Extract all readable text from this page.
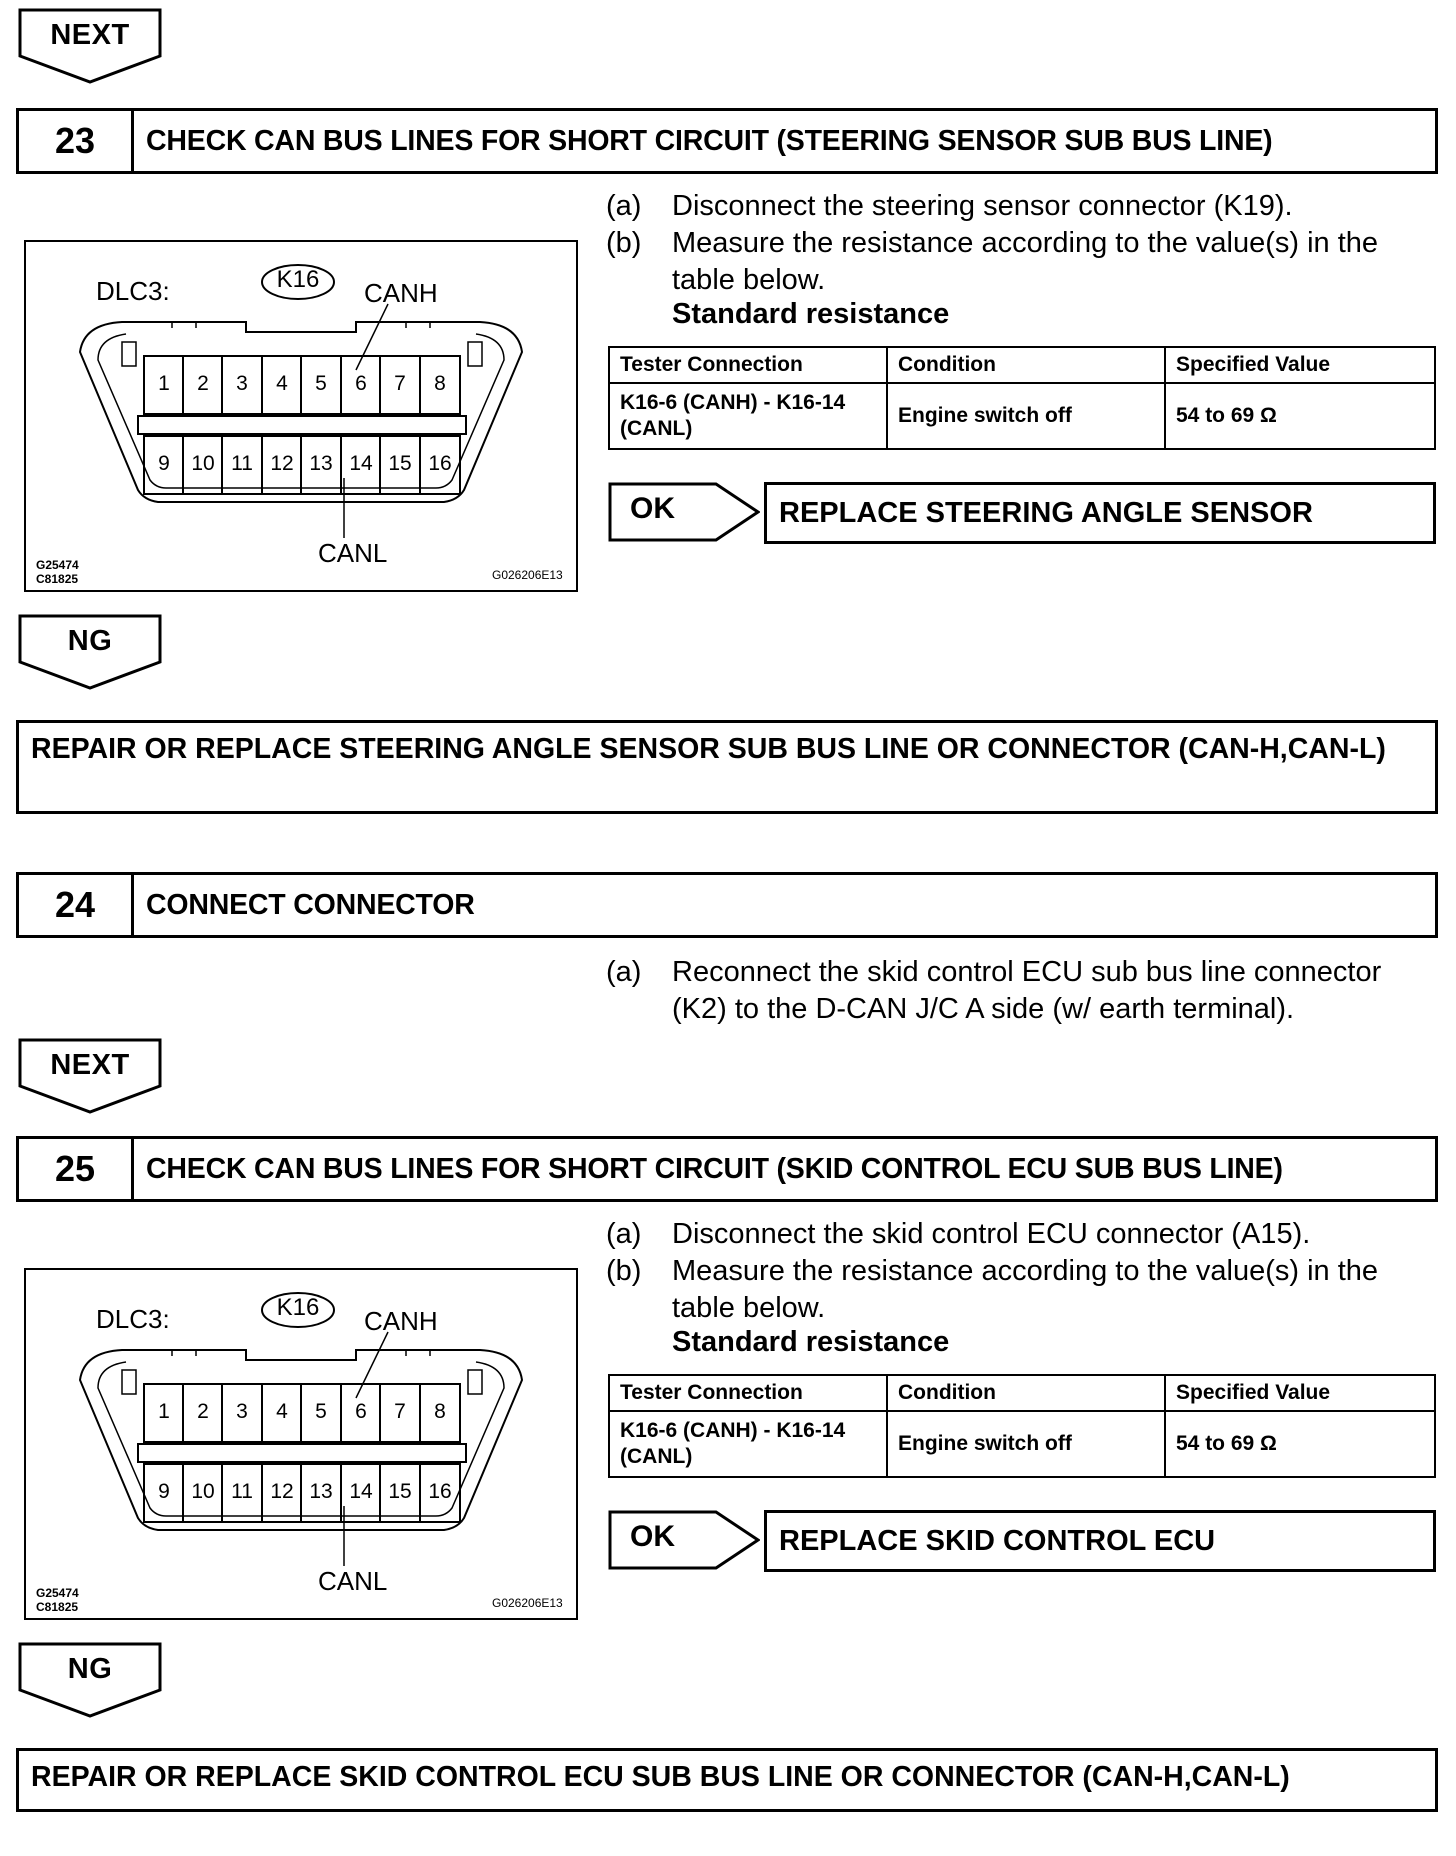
NEXT
23	CHECK CAN BUS LINES FOR SHORT CIRCUIT (STEERING SENSOR SUB BUS LINE)
DLC3:	K16 CANH
CANL
1	2	3	4	5	6	7	8
9	10 11 12 13 14 15 16
G25474
C81825	G026206E13
(a)	Disconnect the steering sensor connector (K19).
(b)	Measure the resistance according to the value(s) in the table below.
Standard resistance
Tester Connection	Condition	Specified Value
K16-6 (CANH) - K16-14 (CANL)	Engine switch off	54 to 69 Ω
OK	REPLACE STEERING ANGLE SENSOR
NG
REPAIR OR REPLACE STEERING ANGLE SENSOR SUB BUS LINE OR CONNECTOR (CAN-H,CAN-L)
24	CONNECT CONNECTOR
(a)	Reconnect the skid control ECU sub bus line connector (K2) to the D-CAN J/C A side (w/ earth terminal).
NEXT
25	CHECK CAN BUS LINES FOR SHORT CIRCUIT (SKID CONTROL ECU SUB BUS LINE)
DLC3:	K16 CANH
CANL
1	2	3	4	5	6	7	8
9	10 11 12 13 14 15 16
G25474
C81825	G026206E13
(a)	Disconnect the skid control ECU connector (A15).
(b)	Measure the resistance according to the value(s) in the table below.
Standard resistance
Tester Connection	Condition	Specified Value
K16-6 (CANH) - K16-14 (CANL)	Engine switch off	54 to 69 Ω
OK	REPLACE SKID CONTROL ECU
NG
REPAIR OR REPLACE SKID CONTROL ECU SUB BUS LINE OR CONNECTOR (CAN-H,CAN-L)
